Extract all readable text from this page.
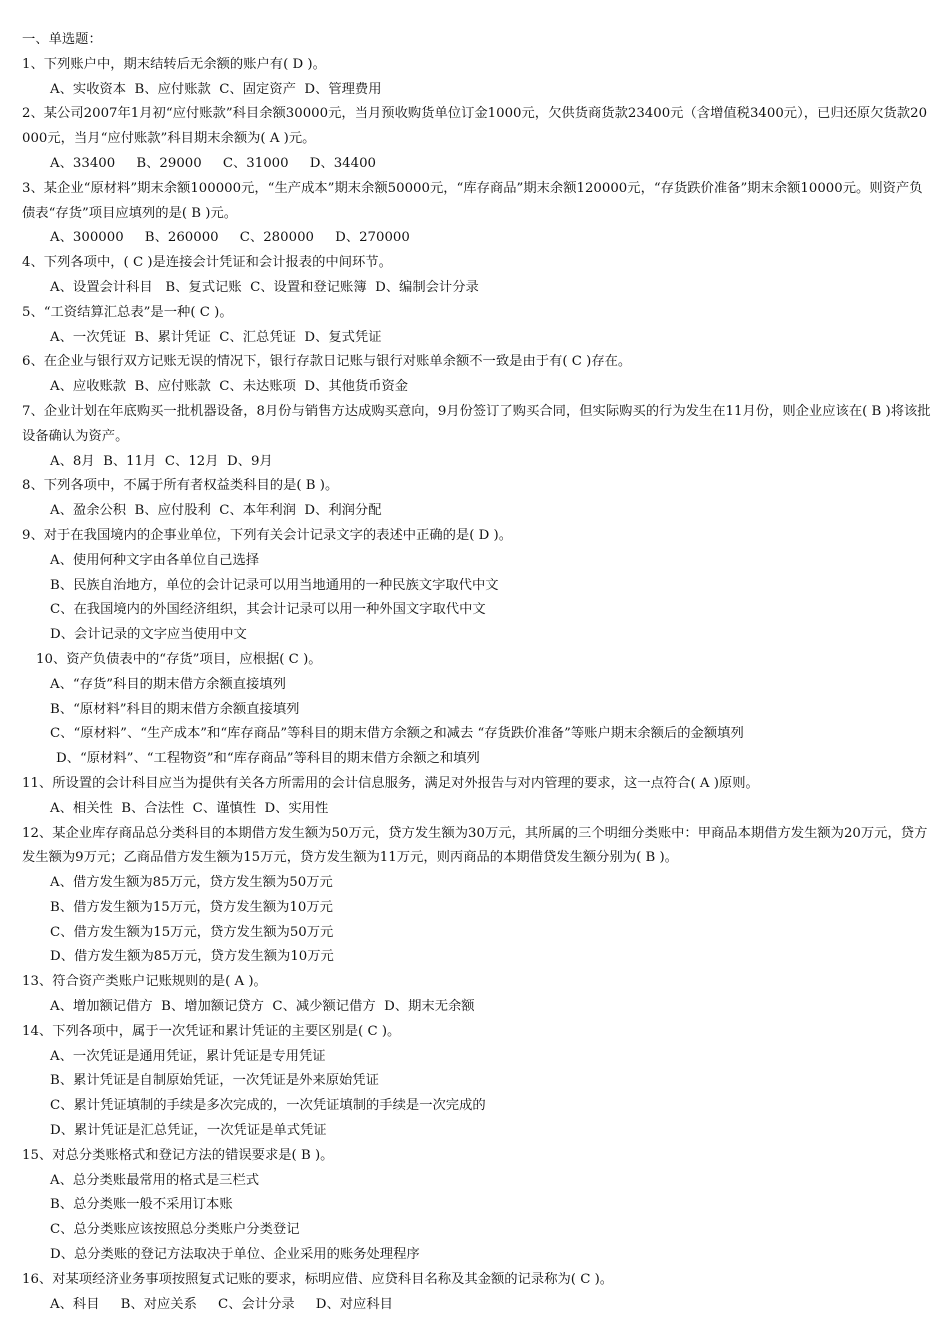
一、单选题：

1、下列账户中，期末结转后无余额的账户有( D )。
A、实收资本  B、应付账款  C、固定资产  D、管理费用
2、某公司2007年1月初“应付账款”科目余额30000元，当月预收购货单位订金1000元，欠供货商货款23400元（含增值税3400元），已归还原欠货款20000元，当月“应付账款”科目期末余额为( A )元。
A、33400     B、29000     C、31000     D、34400
3、某企业“原材料”期末余额100000元，“生产成本”期末余额50000元，“库存商品”期末余额120000元，“存货跌价准备”期末余额10000元。则资产负债表“存货”项目应填列的是( B )元。
A、300000     B、260000     C、280000     D、270000
4、下列各项中，( C )是连接会计凭证和会计报表的中间环节。
A、设置会计科目   B、复式记账  C、设置和登记账簿  D、编制会计分录
5、“工资结算汇总表”是一种( C )。
A、一次凭证  B、累计凭证  C、汇总凭证  D、复式凭证
6、在企业与银行双方记账无误的情况下，银行存款日记账与银行对账单余额不一致是由于有( C )存在。
A、应收账款  B、应付账款  C、未达账项  D、其他货币资金
7、企业计划在年底购买一批机器设备，8月份与销售方达成购买意向，9月份签订了购买合同，但实际购买的行为发生在11月份，则企业应该在( B )将该批设备确认为资产。
A、8月  B、11月  C、12月  D、9月
8、下列各项中，不属于所有者权益类科目的是( B )。
A、盈余公积  B、应付股利  C、本年利润  D、利润分配
9、对于在我国境内的企事业单位，下列有关会计记录文字的表述中正确的是( D )。
A、使用何种文字由各单位自己选择
B、民族自治地方，单位的会计记录可以用当地通用的一种民族文字取代中文
C、在我国境内的外国经济组织，其会计记录可以用一种外国文字取代中文
D、会计记录的文字应当使用中文
10、资产负债表中的“存货”项目，应根据( C )。
A、“存货”科目的期末借方余额直接填列
B、“原材料”科目的期末借方余额直接填列
C、“原材料”、“生产成本”和“库存商品”等科目的期末借方余额之和减去 “存货跌价准备”等账户期末余额后的金额填列
D、“原材料”、“工程物资”和“库存商品”等科目的期末借方余额之和填列
11、所设置的会计科目应当为提供有关各方所需用的会计信息服务，满足对外报告与对内管理的要求，这一点符合( A )原则。
A、相关性  B、合法性  C、谨慎性  D、实用性
12、某企业库存商品总分类科目的本期借方发生额为50万元，贷方发生额为30万元，其所属的三个明细分类账中：甲商品本期借方发生额为20万元，贷方发生额为9万元；乙商品借方发生额为15万元，贷方发生额为11万元，则丙商品的本期借贷发生额分别为( B )。
A、借方发生额为85万元，贷方发生额为50万元
B、借方发生额为15万元，贷方发生额为10万元
C、借方发生额为15万元，贷方发生额为50万元
D、借方发生额为85万元，贷方发生额为10万元
13、符合资产类账户记账规则的是( A )。
A、增加额记借方  B、增加额记贷方  C、减少额记借方  D、期末无余额
14、下列各项中，属于一次凭证和累计凭证的主要区别是( C )。
A、一次凭证是通用凭证，累计凭证是专用凭证
B、累计凭证是自制原始凭证，一次凭证是外来原始凭证
C、累计凭证填制的手续是多次完成的，一次凭证填制的手续是一次完成的
D、累计凭证是汇总凭证，一次凭证是单式凭证
15、对总分类账格式和登记方法的错误要求是( B )。
A、总分类账最常用的格式是三栏式
B、总分类账一般不采用订本账
C、总分类账应该按照总分类账户分类登记
D、总分类账的登记方法取决于单位、企业采用的账务处理程序
16、对某项经济业务事项按照复式记账的要求，标明应借、应贷科目名称及其金额的记录称为( C )。
A、科目     B、对应关系     C、会计分录     D、对应科目
